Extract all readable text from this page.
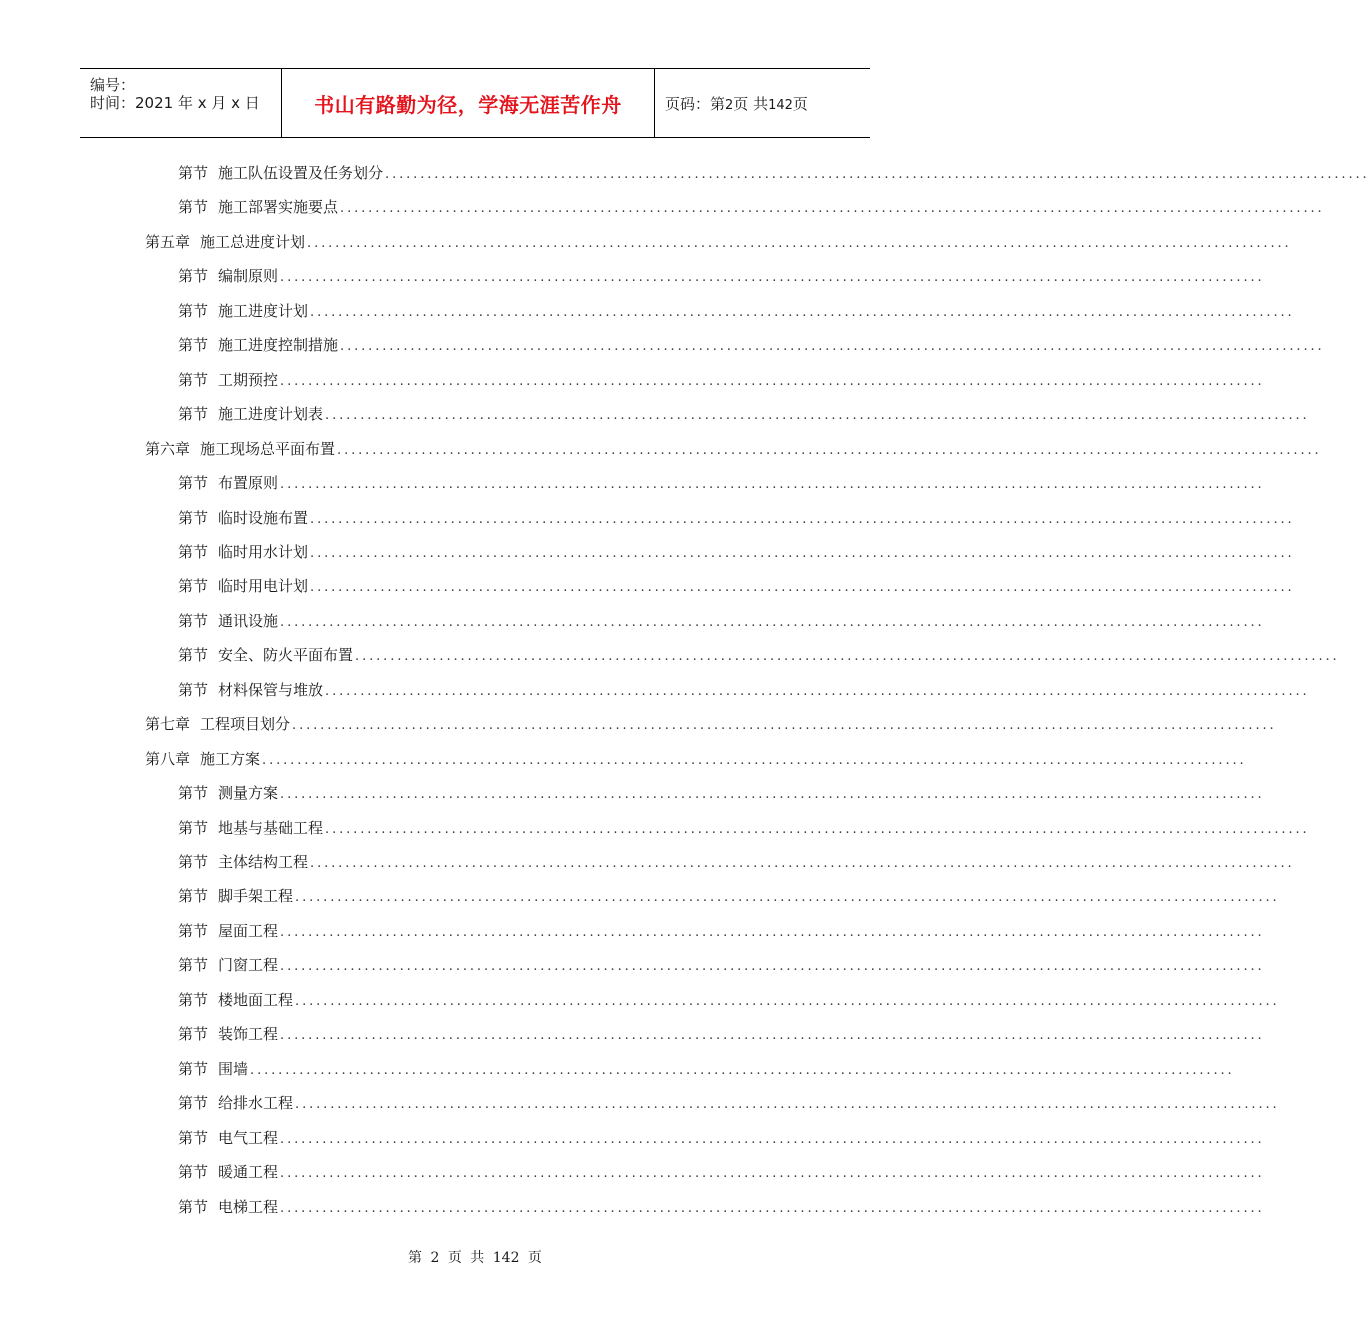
编号：
时间：2021 年 x 月 x 日	书山有路勤为径，学海无涯苦作舟	页码：第2页 共142页
第节 施工队伍设置及任务划分 ............................................................................................................................................
第节 施工部署实施要点 ............................................................................................................................................
第五章 施工总进度计划 ............................................................................................................................................
第节 编制原则 ............................................................................................................................................
第节 施工进度计划 ............................................................................................................................................
第节 施工进度控制措施 ............................................................................................................................................
第节 工期预控 ............................................................................................................................................
第节 施工进度计划表 ............................................................................................................................................
第六章 施工现场总平面布置 ............................................................................................................................................
第节 布置原则 ............................................................................................................................................
第节 临时设施布置 ............................................................................................................................................
第节 临时用水计划 ............................................................................................................................................
第节 临时用电计划 ............................................................................................................................................
第节 通讯设施 ............................................................................................................................................
第节 安全、防火平面布置 ............................................................................................................................................
第节 材料保管与堆放 ............................................................................................................................................
第七章 工程项目划分 ............................................................................................................................................
第八章 施工方案 ............................................................................................................................................
第节 测量方案 ............................................................................................................................................
第节 地基与基础工程 ............................................................................................................................................
第节 主体结构工程 ............................................................................................................................................
第节 脚手架工程 ............................................................................................................................................
第节 屋面工程 ............................................................................................................................................
第节 门窗工程 ............................................................................................................................................
第节 楼地面工程 ............................................................................................................................................
第节 装饰工程 ............................................................................................................................................
第节 围墙 ............................................................................................................................................
第节 给排水工程 ............................................................................................................................................
第节 电气工程 ............................................................................................................................................
第节 暖通工程 ............................................................................................................................................
第节 电梯工程 ............................................................................................................................................
第 2 页 共 142 页
